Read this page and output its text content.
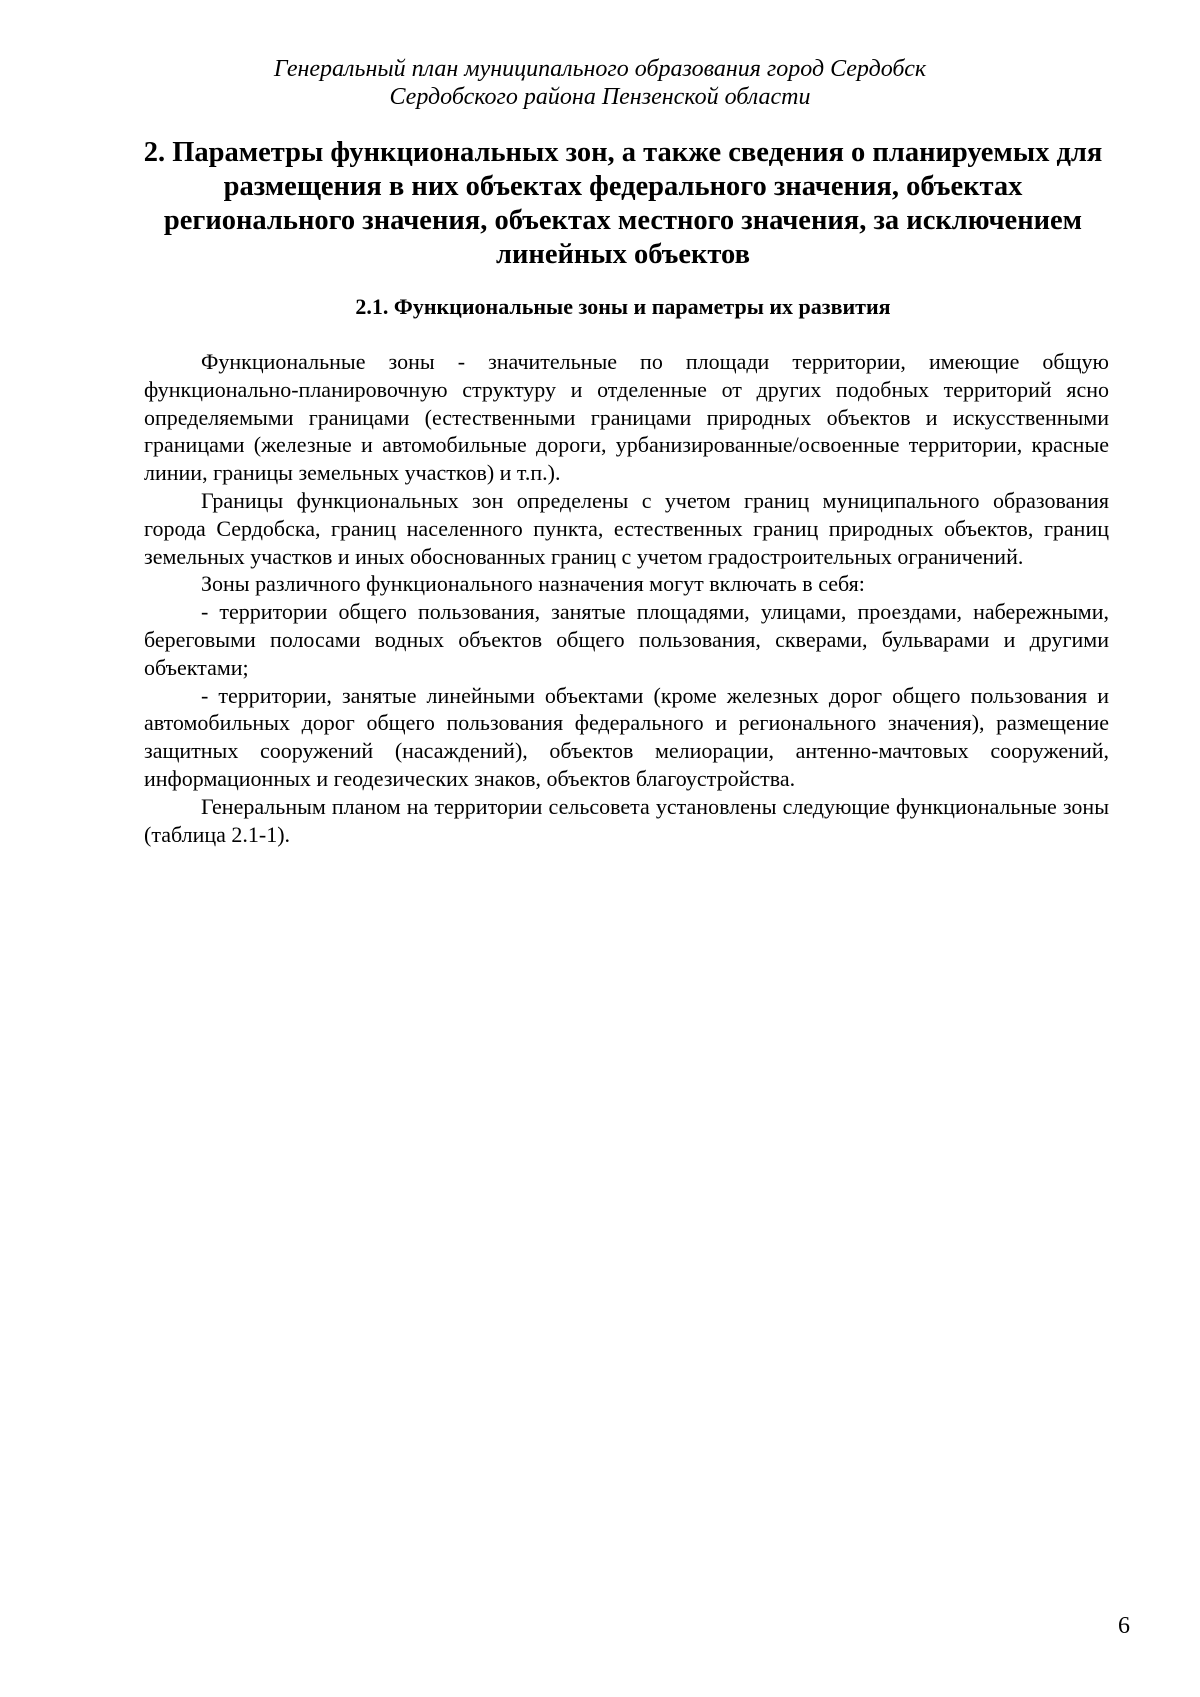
Генеральный план муниципального образования город Сердобск
Сердобского района Пензенской области
2. Параметры функциональных зон, а также сведения о планируемых для размещения в них объектах федерального значения, объектах регионального значения, объектах местного значения, за исключением линейных объектов
2.1. Функциональные зоны и параметры их развития

Функциональные зоны - значительные по площади территории, имеющие общую функционально-планировочную структуру и отделенные от других подобных территорий ясно определяемыми границами (естественными границами природных объектов и искусственными границами (железные и автомобильные дороги, урбанизированные/освоенные территории, красные линии, границы земельных участков) и т.п.).

Границы функциональных зон определены с учетом границ муниципального образования города Сердобска, границ населенного пункта, естественных границ природных объектов, границ земельных участков и иных обоснованных границ с учетом градостроительных ограничений.

Зоны различного функционального назначения могут включать в себя:

- территории общего пользования, занятые площадями, улицами, проездами, набережными, береговыми полосами водных объектов общего пользования, скверами, бульварами и другими объектами;

- территории, занятые линейными объектами (кроме железных дорог общего пользования и автомобильных дорог общего пользования федерального и регионального значения), размещение защитных сооружений (насаждений), объектов мелиорации, антенно-мачтовых сооружений, информационных и геодезических знаков, объектов благоустройства.

Генеральным планом на территории сельсовета установлены следующие функциональные зоны (таблица 2.1-1).

6
